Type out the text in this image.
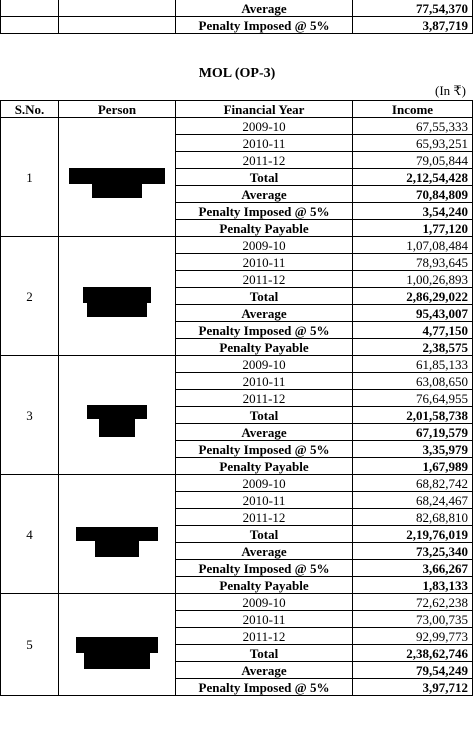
		Average	77,54,370
		Penalty Imposed @ 5%	3,87,719
MOL (OP-3)
(In ₹)
S.No.	Person	Financial Year	Income
1		2009-10	67,55,333
		2010-11	65,93,251
		2011-12	79,05,844
		Total	2,12,54,428
		Average	70,84,809
		Penalty Imposed @ 5%	3,54,240
		Penalty Payable	1,77,120
2		2009-10	1,07,08,484
		2010-11	78,93,645
		2011-12	1,00,26,893
		Total	2,86,29,022
		Average	95,43,007
		Penalty Imposed @ 5%	4,77,150
		Penalty Payable	2,38,575
3		2009-10	61,85,133
		2010-11	63,08,650
		2011-12	76,64,955
		Total	2,01,58,738
		Average	67,19,579
		Penalty Imposed @ 5%	3,35,979
		Penalty Payable	1,67,989
4		2009-10	68,82,742
		2010-11	68,24,467
		2011-12	82,68,810
		Total	2,19,76,019
		Average	73,25,340
		Penalty Imposed @ 5%	3,66,267
		Penalty Payable	1,83,133
5		2009-10	72,62,238
		2010-11	73,00,735
		2011-12	92,99,773
		Total	2,38,62,746
		Average	79,54,249
		Penalty Imposed @ 5%	3,97,712
